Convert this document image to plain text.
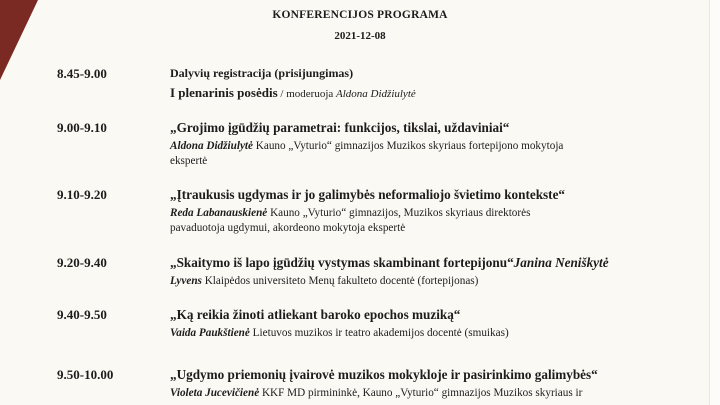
KONFERENCIJOS PROGRAMA
2021-12-08
8.45-9.00	Dalyvių registracija (prisijungimas)
I plenarinis posėdis / moderuoja Aldona Didžiulytė
9.00-9.10	„Grojimo įgūdžių parametrai: funkcijos, tikslai, uždaviniai“
Aldona Didžiulytė Kauno „Vyturio“ gimnazijos Muzikos skyriaus fortepijono mokytoja
ekspertė
9.10-9.20	„Įtraukusis ugdymas ir jo galimybės neformaliojo švietimo kontekste“
Reda Labanauskienė Kauno „Vyturio“ gimnazijos, Muzikos skyriaus direktorės
pavaduotoja ugdymui, akordeono mokytoja ekspertė
9.20-9.40	„Skaitymo iš lapo įgūdžių vystymas skambinant fortepijonu“Janina Neniškytė
Lyvens Klaipėdos universiteto Menų fakulteto docentė (fortepijonas)
9.40-9.50	„Ką reikia žinoti atliekant baroko epochos muziką“
Vaida Paukštienė Lietuvos muzikos ir teatro akademijos docentė (smuikas)
9.50-10.00	„Ugdymo priemonių įvairovė muzikos mokykloje ir pasirinkimo galimybės“
Violeta Jucevičienė KKF MD pirmininkė, Kauno „Vyturio“ gimnazijos Muzikos skyriaus ir
